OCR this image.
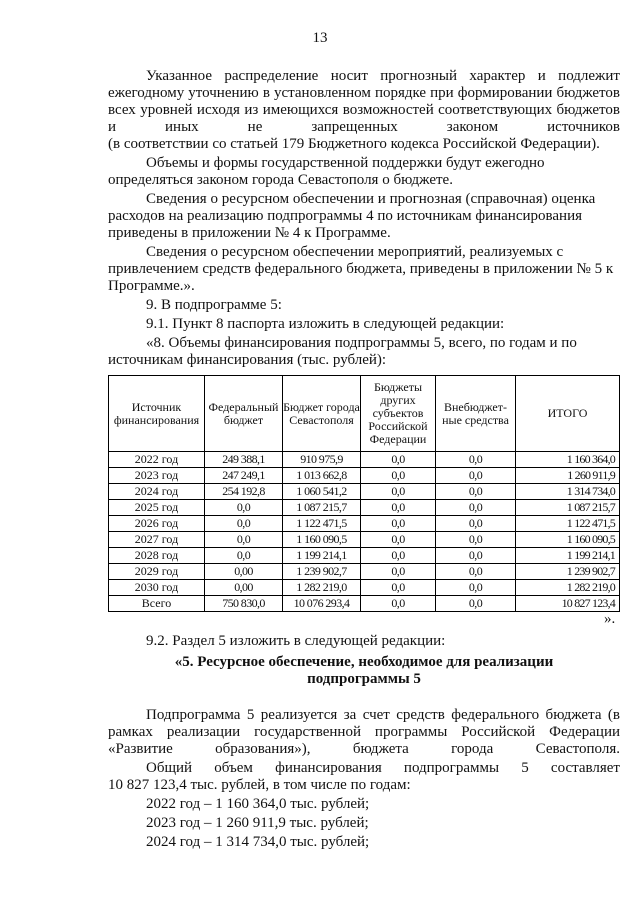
13

Указанное распределение носит прогнозный характер и подлежит ежегодному уточнению в установленном порядке при формировании бюджетов всех уровней исходя из имеющихся возможностей соответствующих бюджетов и иных не запрещенных законом источников

(в соответствии со статьей 179 Бюджетного кодекса Российской Федерации).

Объемы и формы государственной поддержки будут ежегодно определяться законом города Севастополя о бюджете.

Сведения о ресурсном обеспечении и прогнозная (справочная) оценка расходов на реализацию подпрограммы 4 по источникам финансирования приведены в приложении № 4 к Программе.

Сведения о ресурсном обеспечении мероприятий, реализуемых с привлечением средств федерального бюджета, приведены в приложении № 5 к Программе.».

9. В подпрограмме 5:

9.1. Пункт 8 паспорта изложить в следующей редакции:

«8. Объемы финансирования подпрограммы 5, всего, по годам и по источникам финансирования (тыс. рублей):

Источник финансирования	Федеральный бюджет	Бюджет города Севастополя	Бюджеты других субъектов Российской Федерации	Внебюджет-ные средства	ИТОГО
2022 год	249 388,1	910 975,9	0,0	0,0	1 160 364,0
2023 год	247 249,1	1 013 662,8	0,0	0,0	1 260 911,9
2024 год	254 192,8	1 060 541,2	0,0	0,0	1 314 734,0
2025 год	0,0	1 087 215,7	0,0	0,0	1 087 215,7
2026 год	0,0	1 122 471,5	0,0	0,0	1 122 471,5
2027 год	0,0	1 160 090,5	0,0	0,0	1 160 090,5
2028 год	0,0	1 199 214,1	0,0	0,0	1 199 214,1
2029 год	0,00	1 239 902,7	0,0	0,0	1 239 902,7
2030 год	0,00	1 282 219,0	0,0	0,0	1 282 219,0
Всего	750 830,0	10 076 293,4	0,0	0,0	10 827 123,4
».

9.2. Раздел 5 изложить в следующей редакции:

«5. Ресурсное обеспечение, необходимое для реализации

подпрограммы 5

Подпрограмма 5 реализуется за счет средств федерального бюджета (в рамках реализации государственной программы Российской Федерации «Развитие образования»), бюджета города Севастополя.

Общий объем финансирования подпрограммы 5 составляет

10 827 123,4 тыс. рублей, в том числе по годам:

2022 год – 1 160 364,0 тыс. рублей;

2023 год – 1 260 911,9 тыс. рублей;

2024 год – 1 314 734,0 тыс. рублей;
